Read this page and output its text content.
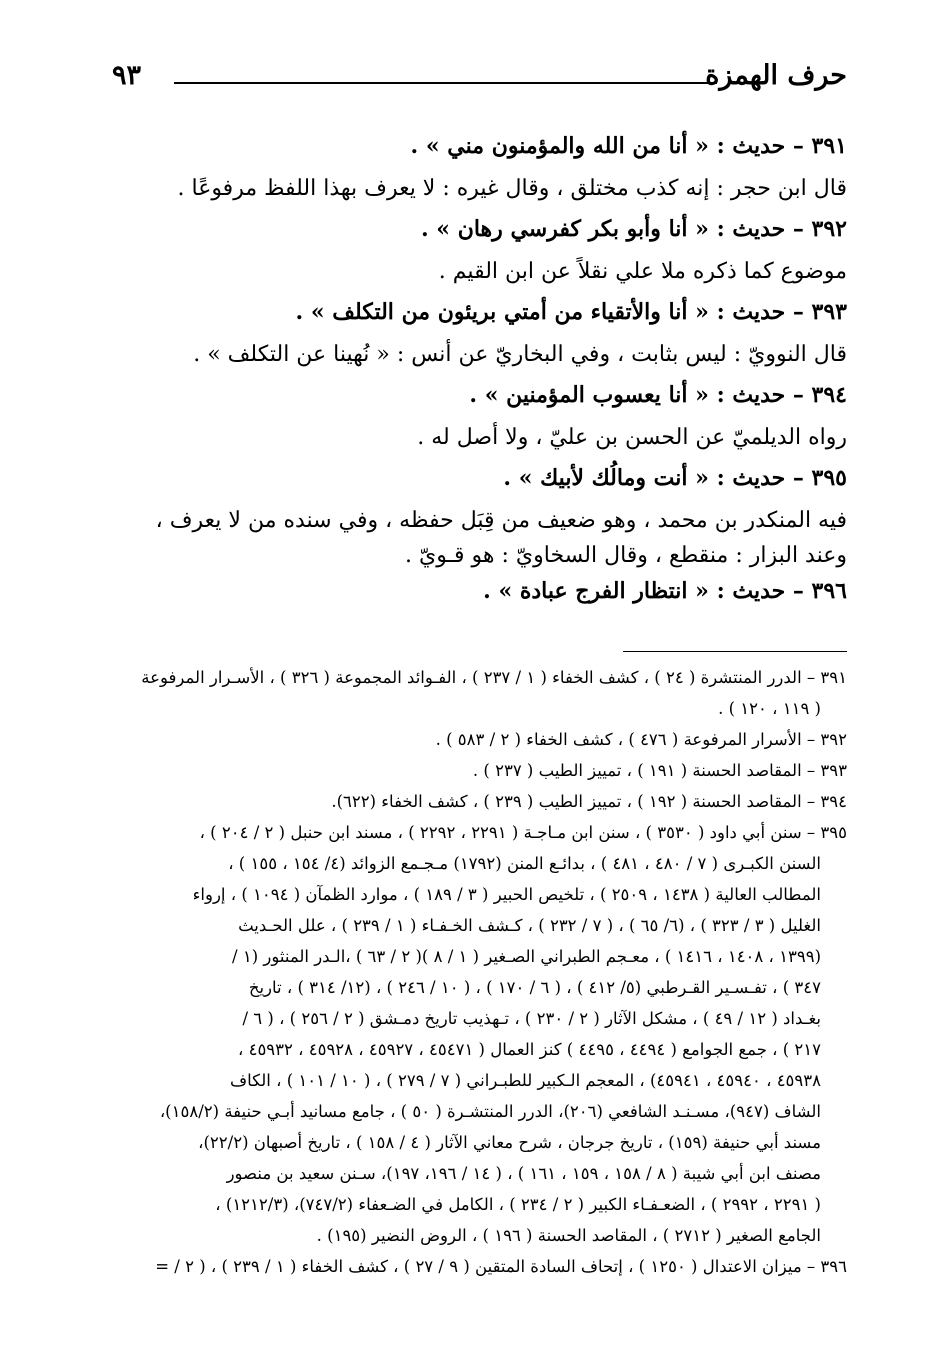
حرف الهمزة
٩٣
٣٩١ – حديث : « أنا من الله والمؤمنون مني » .
قال ابن حجر : إنه كذب مختلق ، وقال غيره : لا يعرف بهذا اللفظ مرفوعًا .
٣٩٢ – حديث : « أنا وأبو بكر كفرسي رهان » .
موضوع كما ذكره ملا علي نقلاً عن ابن القيم .
٣٩٣ – حديث : « أنا والأتقياء من أمتي بريئون من التكلف » .
قال النوويّ : ليس بثابت ، وفي البخاريّ عن أنس : « نُهينا عن التكلف » .
٣٩٤ – حديث : « أنا يعسوب المؤمنين » .
رواه الديلميّ عن الحسن بن عليّ ، ولا أصل له .
٣٩٥ – حديث : « أنت ومالُك لأبيك » .
فيه المنكدر بن محمد ، وهو ضعيف من قِبَل حفظه ، وفي سنده من لا يعرف ،
وعند البزار : منقطع ، وقال السخاويّ : هو قـويّ .
٣٩٦ – حديث : « انتظار الفرج عبادة » .
٣٩١ – الدرر المنتشرة ( ٢٤ ) ، كشف الخفاء ( ١ / ٢٣٧ ) ، الفـوائد المجموعة ( ٣٢٦ ) ، الأسـرار المرفوعة
( ١١٩ ، ١٢٠ ) .
٣٩٢ – الأسرار المرفوعة ( ٤٧٦ ) ، كشف الخفاء ( ٢ / ٥٨٣ ) .
٣٩٣ – المقاصد الحسنة ( ١٩١ ) ، تمييز الطيب ( ٢٣٧ ) .
٣٩٤ – المقاصد الحسنة ( ١٩٢ ) ، تمييز الطيب ( ٢٣٩ ) ، كشف الخفاء (٦٢٢).
٣٩٥ – سنن أبي داود ( ٣٥٣٠ ) ، سنن ابن مـاجـة ( ٢٢٩١ ، ٢٢٩٢ ) ، مسند ابن حنبل ( ٢ / ٢٠٤ ) ،
السنن الكبـرى ( ٧ / ٤٨٠ ، ٤٨١ ) ، بدائـع المنن (١٧٩٢) مـجـمع الزوائد (٤/ ١٥٤ ، ١٥٥ ) ،
المطالب العالية ( ١٤٣٨ ، ٢٥٠٩ ) ، تلخيص الحبير ( ٣ / ١٨٩ ) ، موارد الظمآن ( ١٠٩٤ ) ، إرواء
الغليل ( ٣ / ٣٢٣ ) ، (٦/ ٦٥ ) ، ( ٧ / ٢٣٢ ) ، كـشف الخـفـاء ( ١ / ٢٣٩ ) ، علل الحـديث
(١٣٩٩ ، ١٤٠٨ ، ١٤١٦ ) ، معـجم الطبراني الصـغير ( ١ / ٨ )( ٢ / ٦٣ ) ،الـدر المنثور (١ /
٣٤٧ ) ، تفـسـير القـرطبي (٥/ ٤١٢ ) ، ( ٦ / ١٧٠ ) ، ( ١٠ / ٢٤٦ ) ، (١٢/ ٣١٤ ) ، تاريخ
بغـداد ( ١٢ / ٤٩ ) ، مشكل الآثار ( ٢ / ٢٣٠ ) ، تـهذيب تاريخ دمـشق ( ٢ / ٢٥٦ ) ، ( ٦ /
٢١٧ ) ، جمع الجوامع ( ٤٤٩٤ ، ٤٤٩٥ ) كنز العمال ( ٤٥٤٧١ ، ٤٥٩٢٧ ، ٤٥٩٢٨ ، ٤٥٩٣٢ ،
٤٥٩٣٨ ، ٤٥٩٤٠ ، ٤٥٩٤١) ، المعجم الـكبير للطبـراني ( ٧ / ٢٧٩ ) ، ( ١٠ / ١٠١ ) ، الكاف
الشاف (٩٤٧)، مسـنـد الشافعي (٢٠٦)، الدرر المنتشـرة ( ٥٠ ) ، جامع مسانيد أبـي حنيفة (١٥٨/٢)،
مسند أبي حنيفة (١٥٩) ، تاريخ جرجان ، شرح معاني الآثار ( ٤ / ١٥٨ ) ، تاريخ أصبهان (٢٢/٢)،
مصنف ابن أبي شيبة ( ٨ / ١٥٨ ، ١٥٩ ، ١٦١ ) ، ( ١٤ / ١٩٦، ١٩٧)، سـنن سعيد بن منصور
( ٢٢٩١ ، ٢٩٩٢ ) ، الضعـفـاء الكبير ( ٢ / ٢٣٤ ) ، الكامل في الضـعفاء (٧٤٧/٢)، (١٢١٢/٣) ،
الجامع الصغير ( ٢٧١٢ ) ، المقاصد الحسنة ( ١٩٦ ) ، الروض النضير (١٩٥) .
٣٩٦ – ميزان الاعتدال ( ١٢٥٠ ) ، إتحاف السادة المتقين ( ٩ / ٢٧ ) ، كشف الخفاء ( ١ / ٢٣٩ ) ، ( ٢ / =
